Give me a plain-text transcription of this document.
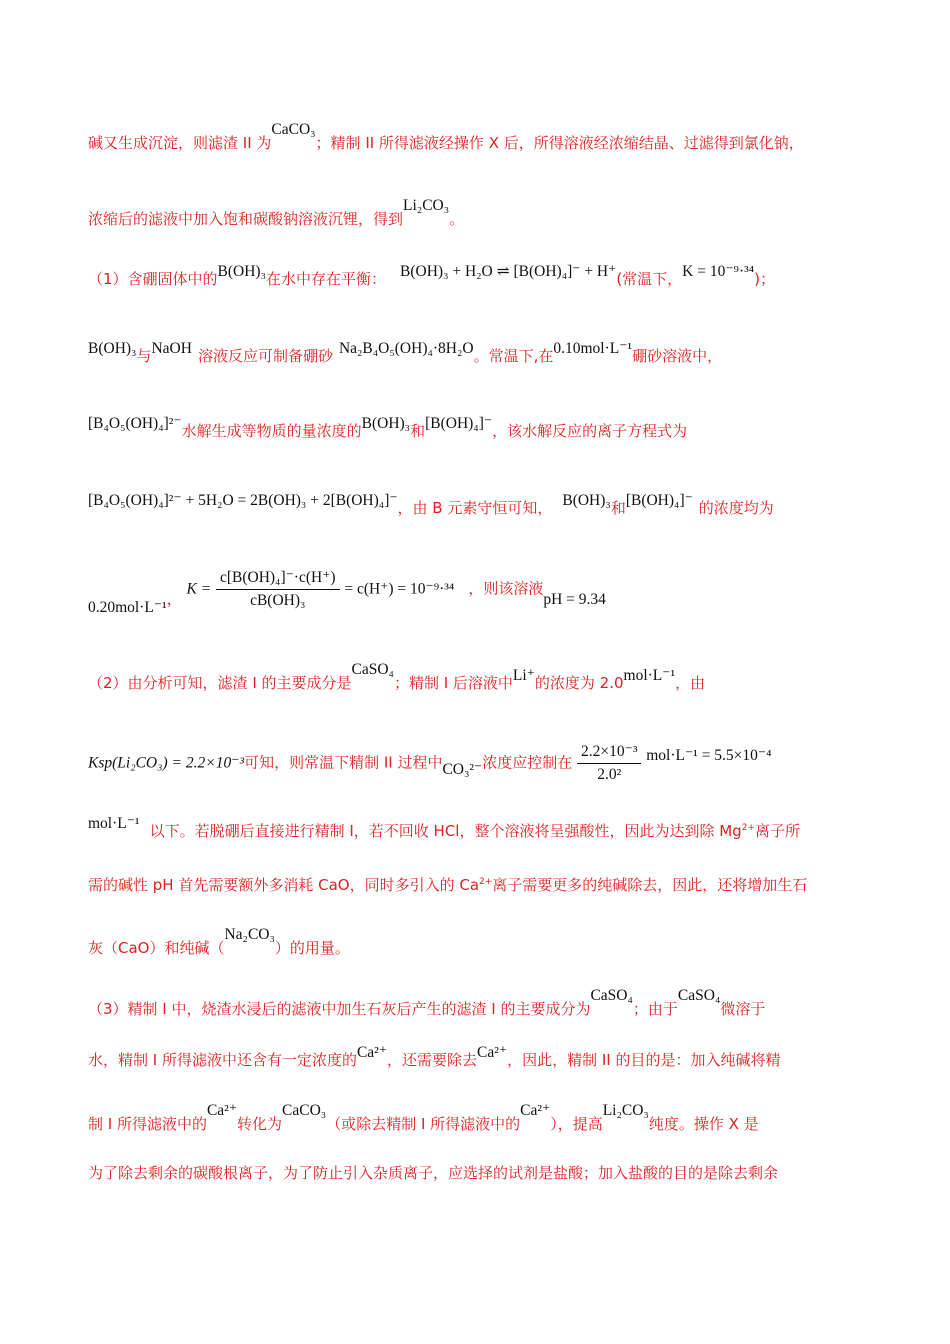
碱又生成沉淀，则滤渣 II 为CaCO₃；精制 II 所得滤液经操作 X 后，所得溶液经浓缩结晶、过滤得到氯化钠，
浓缩后的滤液中加入饱和碳酸钠溶液沉锂，得到Li₂CO₃。
（1）含硼固体中的B(OH)₃在水中存在平衡： B(OH)₃ + H₂O ⇌ [B(OH)₄]⁻ + H⁺(常温下，K = 10⁻⁹·³⁴)；
B(OH)₃与NaOH 溶液反应可制备硼砂 Na₂B₄O₅(OH)₄·8H₂O。常温下,在0.10mol·L⁻¹硼砂溶液中，
[B₄O₅(OH)₄]²⁻水解生成等物质的量浓度的B(OH)₃和[B(OH)₄]⁻，该水解反应的离子方程式为
[B₄O₅(OH)₄]²⁻ + 5H₂O = 2B(OH)₃ + 2[B(OH)₄]⁻，由 B 元素守恒可知， B(OH)₃和[B(OH)₄]⁻ 的浓度均为
0.20mol·L⁻¹， $K = \frac{\text{c[B(OH)₄]⁻·c(H⁺)}}{\text{cB(OH)₃}} = c(H^+) = 10^{-9}\cdot^{34}$ ，则该溶液pH = 9.34
（2）由分析可知，滤渣 I 的主要成分是CaSO₄；精制 I 后溶液中Li⁺的浓度为 2.0mol·L⁻¹，由
Ksp(Li₂CO₃) = 2.2×10⁻³可知，则常温下精制 II 过程中CO₃²⁻浓度应控制在 $\frac{\text{2.2×10⁻³}}{\text{2.0²}} mol\cdot L^{-1} = 5.5\times 10^{-4}$
mol·L⁻¹ 以下。若脱硼后直接进行精制 I，若不回收 HCl，整个溶液将呈强酸性，因此为达到除 $Mg^{2+}$离子所
需的碱性 pH 首先需要额外多消耗 CaO，同时多引入的 $Ca^{2+}$离子需要更多的纯碱除去，因此，还将增加生石
灰（CaO）和纯碱（Na₂CO₃）的用量。
（3）精制 I 中，烧渣水浸后的滤液中加生石灰后产生的滤渣 I 的主要成分为CaSO₄；由于CaSO₄微溶于
水，精制 I 所得滤液中还含有一定浓度的Ca²⁺，还需要除去Ca²⁺，因此，精制 II 的目的是：加入纯碱将精
制 I 所得滤液中的Ca²⁺转化为CaCO₃（或除去精制 I 所得滤液中的Ca²⁺），提高Li₂CO₃纯度。操作 X 是
为了除去剩余的碳酸根离子，为了防止引入杂质离子，应选择的试剂是盐酸；加入盐酸的目的是除去剩余
